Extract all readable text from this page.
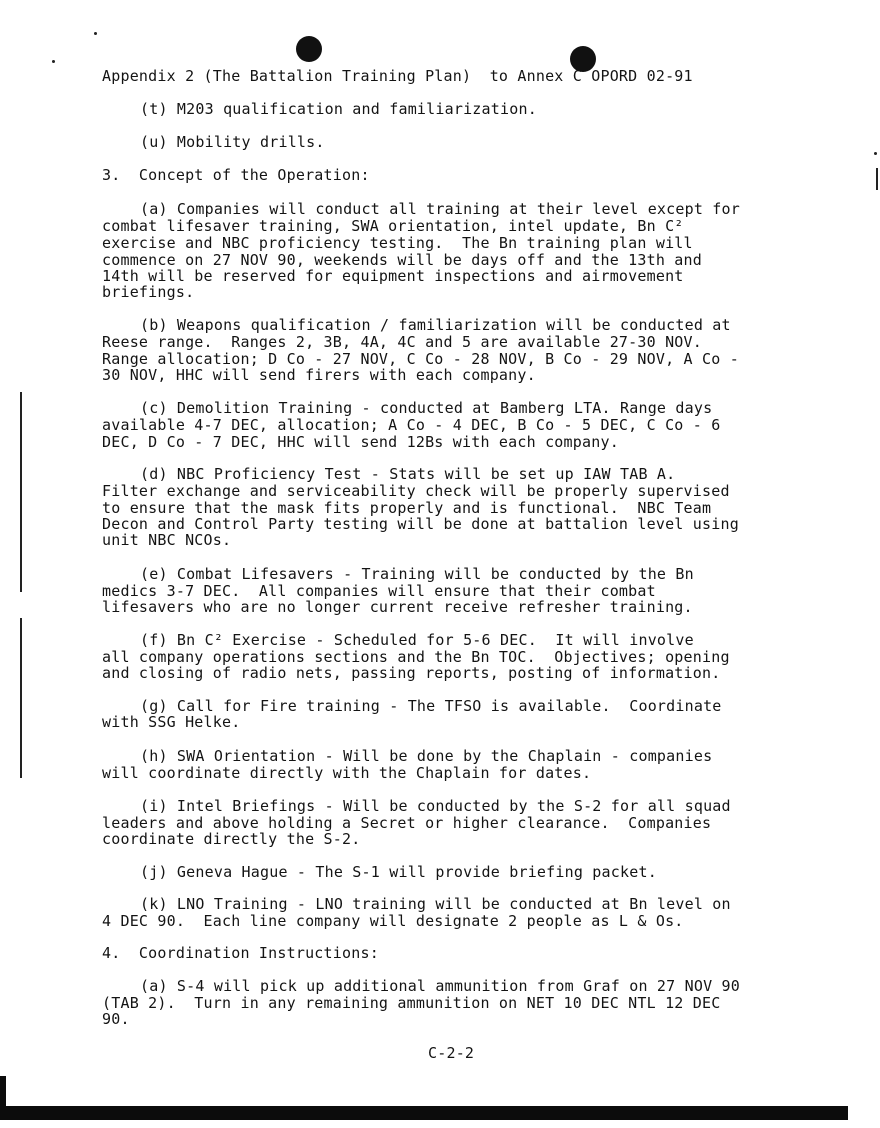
Appendix 2 (The Battalion Training Plan)  to Annex C OPORD 02-91
(t) M203 qualification and familiarization.
(u) Mobility drills.
3.  Concept of the Operation:
(a) Companies will conduct all training at their level except for
combat lifesaver training, SWA orientation, intel update, Bn C²
exercise and NBC proficiency testing.  The Bn training plan will
commence on 27 NOV 90, weekends will be days off and the 13th and
14th will be reserved for equipment inspections and airmovement
briefings.
(b) Weapons qualification / familiarization will be conducted at
Reese range.  Ranges 2, 3B, 4A, 4C and 5 are available 27-30 NOV.
Range allocation; D Co - 27 NOV, C Co - 28 NOV, B Co - 29 NOV, A Co -
30 NOV, HHC will send firers with each company.
(c) Demolition Training - conducted at Bamberg LTA. Range days
available 4-7 DEC, allocation; A Co - 4 DEC, B Co - 5 DEC, C Co - 6
DEC, D Co - 7 DEC, HHC will send 12Bs with each company.
(d) NBC Proficiency Test - Stats will be set up IAW TAB A.
Filter exchange and serviceability check will be properly supervised
to ensure that the mask fits properly and is functional.  NBC Team
Decon and Control Party testing will be done at battalion level using
unit NBC NCOs.
(e) Combat Lifesavers - Training will be conducted by the Bn
medics 3-7 DEC.  All companies will ensure that their combat
lifesavers who are no longer current receive refresher training.
(f) Bn C² Exercise - Scheduled for 5-6 DEC.  It will involve
all company operations sections and the Bn TOC.  Objectives; opening
and closing of radio nets, passing reports, posting of information.
(g) Call for Fire training - The TFSO is available.  Coordinate
with SSG Helke.
(h) SWA Orientation - Will be done by the Chaplain - companies
will coordinate directly with the Chaplain for dates.
(i) Intel Briefings - Will be conducted by the S-2 for all squad
leaders and above holding a Secret or higher clearance.  Companies
coordinate directly the S-2.
(j) Geneva Hague - The S-1 will provide briefing packet.
(k) LNO Training - LNO training will be conducted at Bn level on
4 DEC 90.  Each line company will designate 2 people as L & Os.
4.  Coordination Instructions:
(a) S-4 will pick up additional ammunition from Graf on 27 NOV 90
(TAB 2).  Turn in any remaining ammunition on NET 10 DEC NTL 12 DEC
90.
C-2-2
